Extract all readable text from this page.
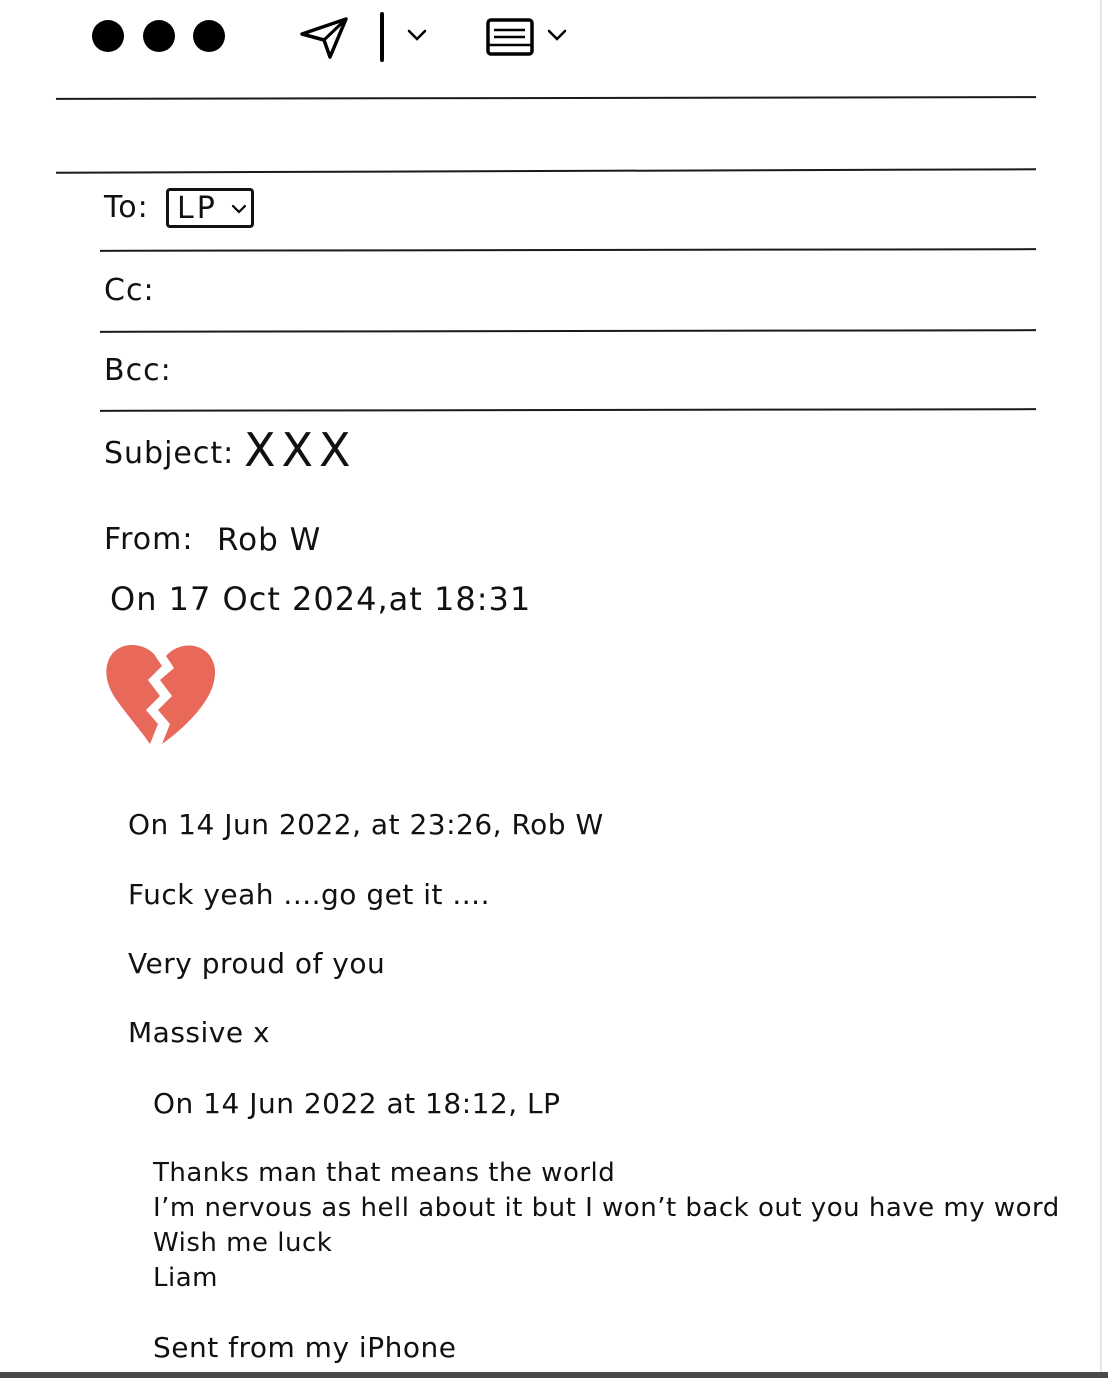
To: LP
Cc:
Bcc:
Subject: XXX
From: Rob W
On 17 Oct 2024,at 18:31
On 14 Jun 2022, at 23:26, Rob W
Fuck yeah ....go get it ....
Very proud of you
Massive x
On 14 Jun 2022 at 18:12, LP
Thanks man that means the world
I’m nervous as hell about it but I won’t back out you have my word
Wish me luck
Liam
Sent from my iPhone
